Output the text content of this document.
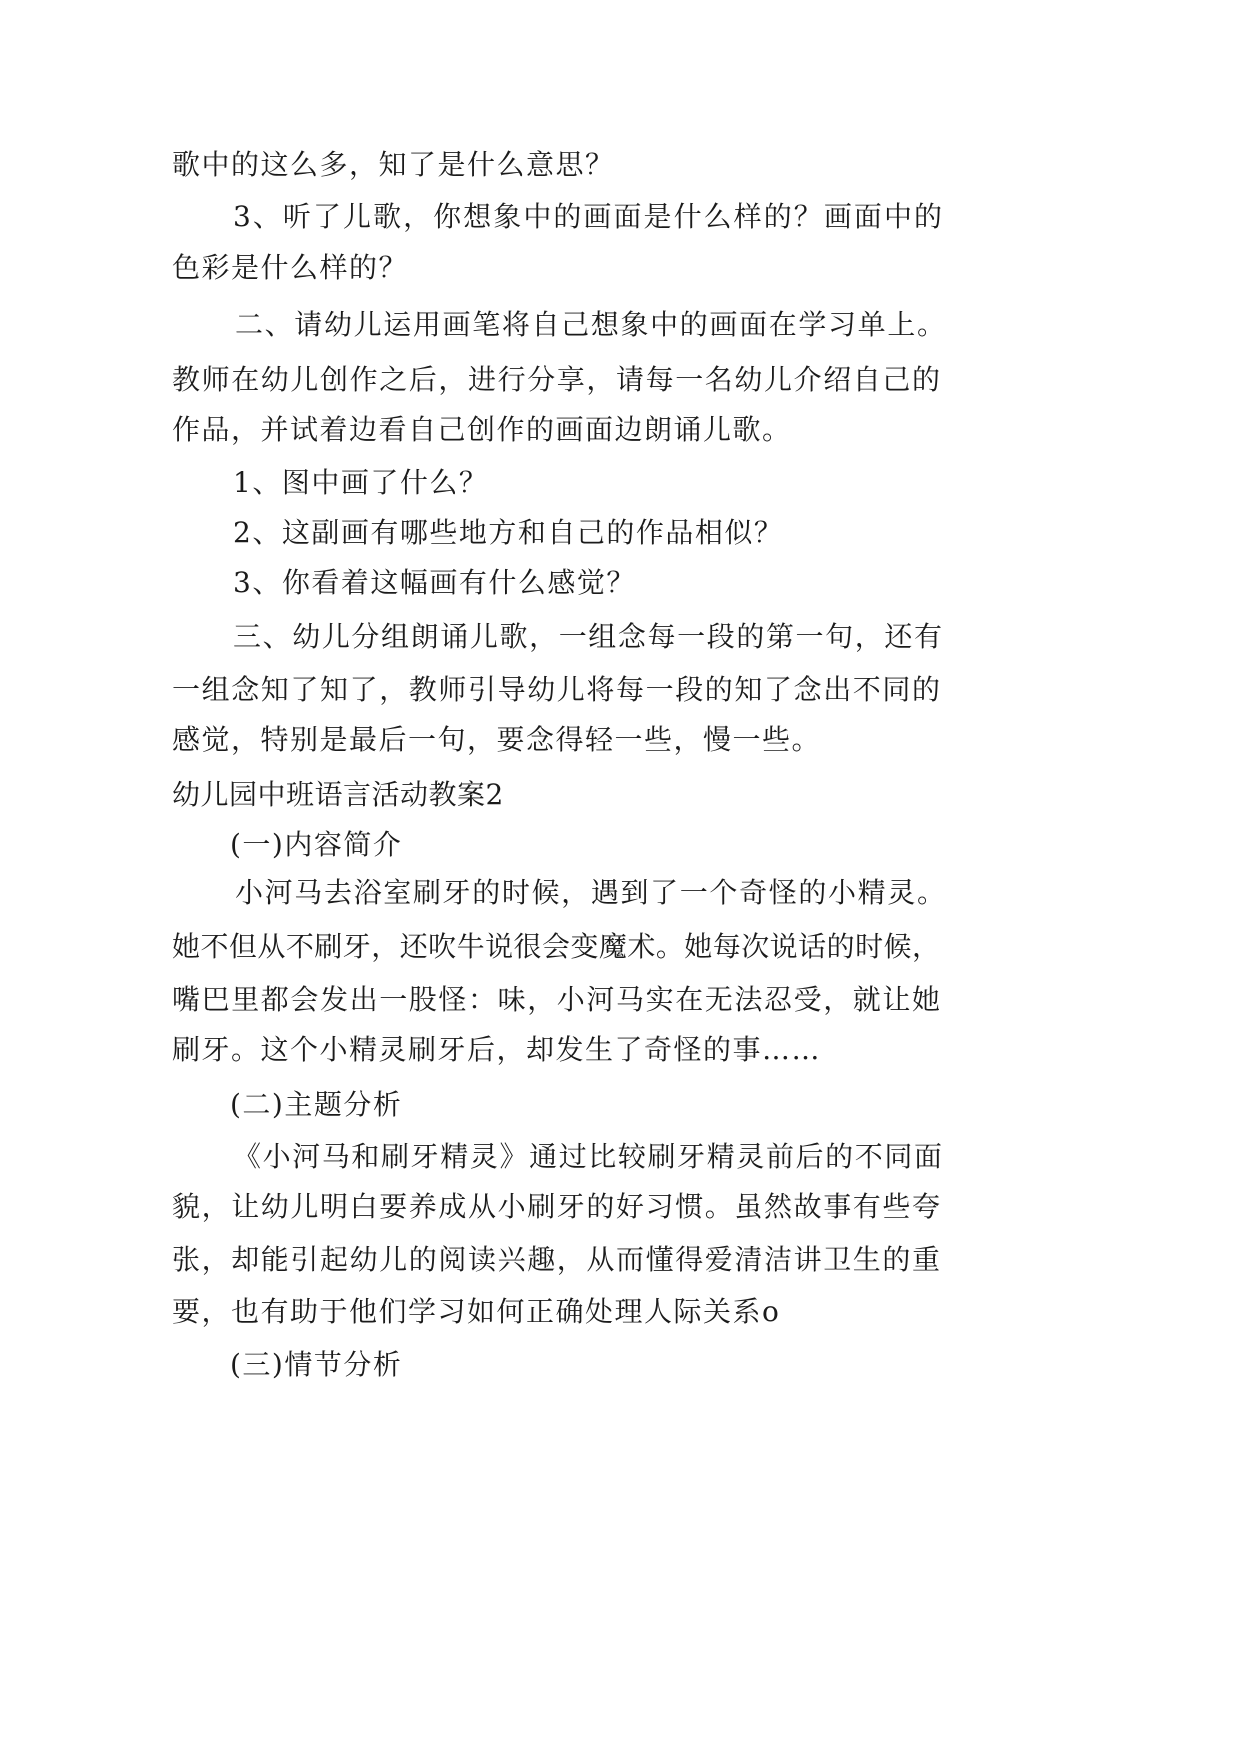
歌中的这么多，知了是什么意思？
3、听了儿歌，你想象中的画面是什么样的？画面中的
色彩是什么样的？
二、请幼儿运用画笔将自己想象中的画面在学习单上。
教师在幼儿创作之后，进行分享，请每一名幼儿介绍自己的
作品，并试着边看自己创作的画面边朗诵儿歌。
1、图中画了什么？
2、这副画有哪些地方和自己的作品相似？
3、你看着这幅画有什么感觉？
三、幼儿分组朗诵儿歌，一组念每一段的第一句，还有
一组念知了知了，教师引导幼儿将每一段的知了念出不同的
感觉，特别是最后一句，要念得轻一些，慢一些。
幼儿园中班语言活动教案2
(一)内容简介
小河马去浴室刷牙的时候，遇到了一个奇怪的小精灵。
她不但从不刷牙，还吹牛说很会变魔术。她每次说话的时候，
嘴巴里都会发出一股怪：味，小河马实在无法忍受，就让她
刷牙。这个小精灵刷牙后，却发生了奇怪的事……
(二)主题分析
《小河马和刷牙精灵》通过比较刷牙精灵前后的不同面
貌，让幼儿明白要养成从小刷牙的好习惯。虽然故事有些夸
张，却能引起幼儿的阅读兴趣，从而懂得爱清洁讲卫生的重
要，也有助于他们学习如何正确处理人际关系o
(三)情节分析
